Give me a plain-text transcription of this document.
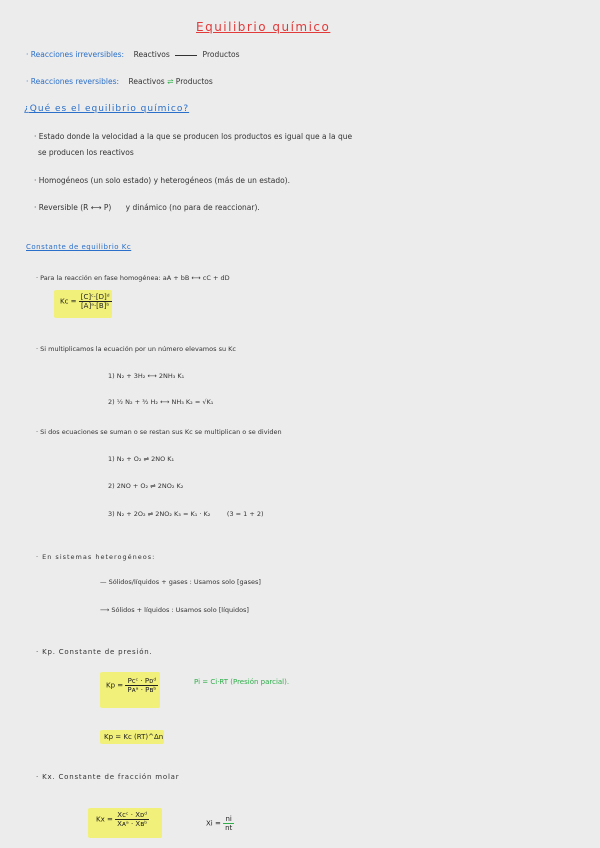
Equilibrio químico
· Reacciones irreversibles: Reactivos	Productos
· Reacciones reversibles: Reactivos ⇌ Productos
¿Qué es el equilibrio químico?
· Estado donde la velocidad a la que se producen los productos es igual que a la que
se producen los reactivos
· Homogéneos (un solo estado) y heterogéneos (más de un estado).
· Reversible (R ⟷ P) y dinámico (no para de reaccionar).
Constante de equilibrio Kc
· Para la reacción en fase homogénea: aA + bB ⟷ cC + dD
$Kc = \frac{\text{[C]ᶜ·[D]ᵈ}}{\text{[A]ᵃ·[B]ᵇ}}$
· Si multiplicamos la ecuación por un número elevamos su Kc
1) N₂ + 3H₂ ⟷ 2NH₃ K₁
2) ½ N₂ + ³⁄₂ H₂ ⟷ NH₃ K₂ = √K₁
· Si dos ecuaciones se suman o se restan sus Kc se multiplican o se dividen
1) N₂ + O₂ ⇌ 2NO K₁
2) 2NO + O₂ ⇌ 2NO₂ K₂
3) N₂ + 2O₂ ⇌ 2NO₂ K₃ = K₁ · K₂	(3 = 1 + 2)
· En sistemas heterogéneos:
— Sólidos/líquidos + gases : Usamos solo [gases]
⟶ Sólidos + líquidos : Usamos solo [líquidos]
· Kp. Constante de presión.
$Kp = \frac{\text{Pᴄᶜ · Pᴅᵈ}}{\text{Pᴀᵃ · Pʙᵇ}}$	Pi = Ci·RT (Presión parcial).
Kp = Kc (RT)^Δn
· Kx. Constante de fracción molar
$Kx = \frac{\text{Xᴄᶜ · Xᴅᵈ}}{\text{Xᴀᵃ · Xʙᵇ}}$	$Xi = \frac{ni}{nt}$
